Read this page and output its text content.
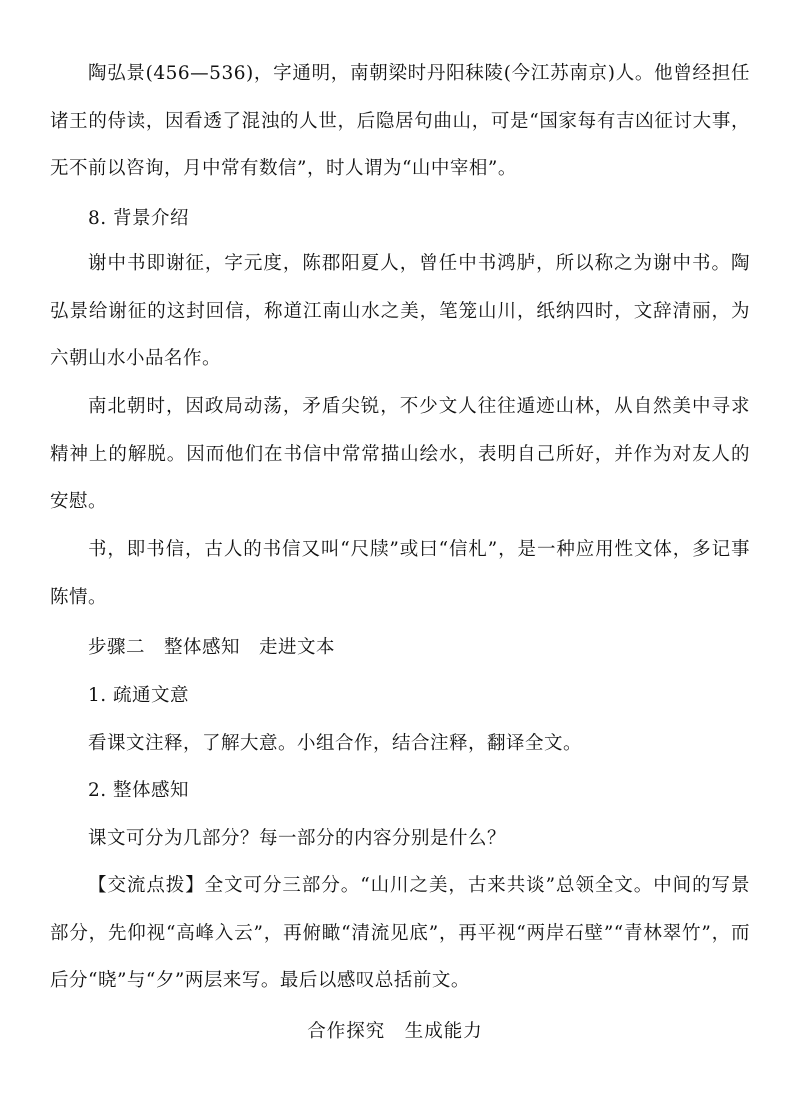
陶弘景(456—536)，字通明，南朝梁时丹阳秣陵(今江苏南京)人。他曾经担任诸王的侍读，因看透了混浊的人世，后隐居句曲山，可是“国家每有吉凶征讨大事，无不前以咨询，月中常有数信”，时人谓为“山中宰相”。

8. 背景介绍

谢中书即谢征，字元度，陈郡阳夏人，曾任中书鸿胪，所以称之为谢中书。陶弘景给谢征的这封回信，称道江南山水之美，笔笼山川，纸纳四时，文辞清丽，为六朝山水小品名作。

南北朝时，因政局动荡，矛盾尖锐，不少文人往往遁迹山林，从自然美中寻求精神上的解脱。因而他们在书信中常常描山绘水，表明自己所好，并作为对友人的安慰。

书，即书信，古人的书信又叫“尺牍”或曰“信札”，是一种应用性文体，多记事陈情。

步骤二　整体感知　走进文本

1. 疏通文意

看课文注释，了解大意。小组合作，结合注释，翻译全文。

2. 整体感知

课文可分为几部分？每一部分的内容分别是什么？

【交流点拨】全文可分三部分。“山川之美，古来共谈”总领全文。中间的写景部分，先仰视“高峰入云”，再俯瞰“清流见底”，再平视“两岸石壁”“青林翠竹”，而后分“晓”与“夕”两层来写。最后以感叹总括前文。

合作探究　生成能力
